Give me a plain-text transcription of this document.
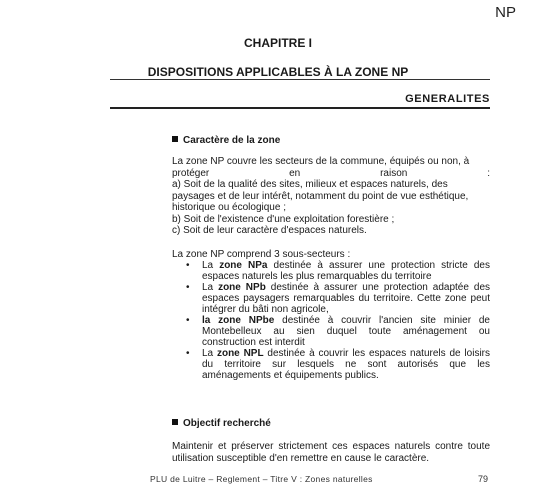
NP
CHAPITRE I
DISPOSITIONS APPLICABLES À LA ZONE NP
GENERALITES
Caractère de la zone
La zone NP couvre les secteurs de la commune, équipés ou non, à
protéger	en	raison	:
a) Soit de la qualité des sites, milieux et espaces naturels, des paysages et de leur intérêt, notamment du point de vue esthétique, historique ou écologique ;
b) Soit de l'existence d'une exploitation forestière ;
c) Soit de leur caractère d'espaces naturels.
La zone NP comprend 3 sous-secteurs :
• La zone NPa destinée à assurer une protection stricte des espaces naturels les plus remarquables du territoire
• La zone NPb destinée à assurer une protection adaptée des espaces paysagers remarquables du territoire. Cette zone peut intégrer du bâti non agricole,
• la zone NPbe destinée à couvrir l'ancien site minier de Montebelleux au sien duquel toute aménagement ou construction est interdit
• La zone NPL destinée à couvrir les espaces naturels de loisirs du territoire sur lesquels ne sont autorisés que les aménagements et équipements publics.
Objectif recherché
Maintenir et préserver strictement ces espaces naturels contre toute utilisation susceptible d'en remettre en cause le caractère.
PLU de Luitre – Reglement – Titre V : Zones naturelles	79
